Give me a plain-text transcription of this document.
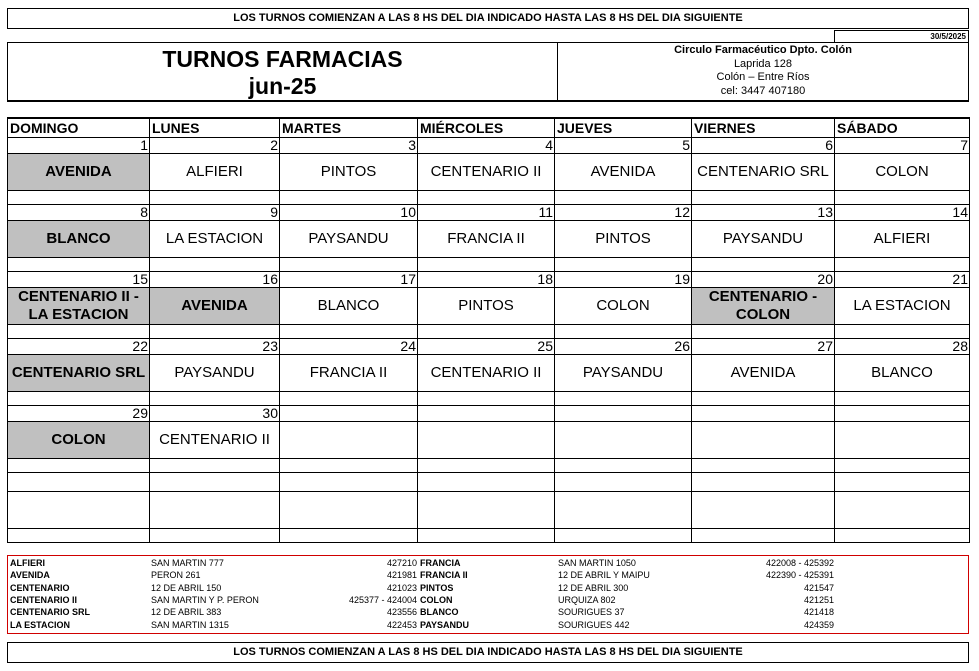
LOS TURNOS COMIENZAN A LAS 8 HS DEL DIA INDICADO HASTA LAS 8 HS DEL DIA SIGUIENTE
30/5/2025
TURNOS FARMACIAS
jun-25
Circulo Farmacéutico Dpto. Colón
Laprida 128
Colón – Entre Ríos
cel: 3447 407180
DOMINGO	LUNES	MARTES	MIÉRCOLES	JUEVES	VIERNES	SÁBADO
1	2	3	4	5	6	7
AVENIDA	ALFIERI	PINTOS	CENTENARIO II	AVENIDA	CENTENARIO SRL	COLON

8	9	10	11	12	13	14
BLANCO	LA ESTACION	PAYSANDU	FRANCIA II	PINTOS	PAYSANDU	ALFIERI

15	16	17	18	19	20	21
CENTENARIO II - LA ESTACION	AVENIDA	BLANCO	PINTOS	COLON	CENTENARIO - COLON	LA ESTACION

22	23	24	25	26	27	28
CENTENARIO SRL	PAYSANDU	FRANCIA II	CENTENARIO II	PAYSANDU	AVENIDA	BLANCO

29	30					
COLON	CENTENARIO II					

ALFIERI	SAN MARTIN 777	427210
AVENIDA	PERON 261	421981
CENTENARIO	12 DE ABRIL 150	421023
CENTENARIO II	SAN MARTIN Y P. PERON	425377 - 424004
CENTENARIO SRL	12 DE ABRIL 383	423556
LA ESTACION	SAN MARTIN 1315	422453
FRANCIA	SAN MARTIN 1050	422008 - 425392
FRANCIA II	12 DE ABRIL Y MAIPU	422390 - 425391
PINTOS	12 DE ABRIL 300	421547
COLON	URQUIZA 802	421251
BLANCO	SOURIGUES 37	421418
PAYSANDU	SOURIGUES 442	424359
LOS TURNOS COMIENZAN A LAS 8 HS DEL DIA INDICADO HASTA LAS 8 HS DEL DIA SIGUIENTE
